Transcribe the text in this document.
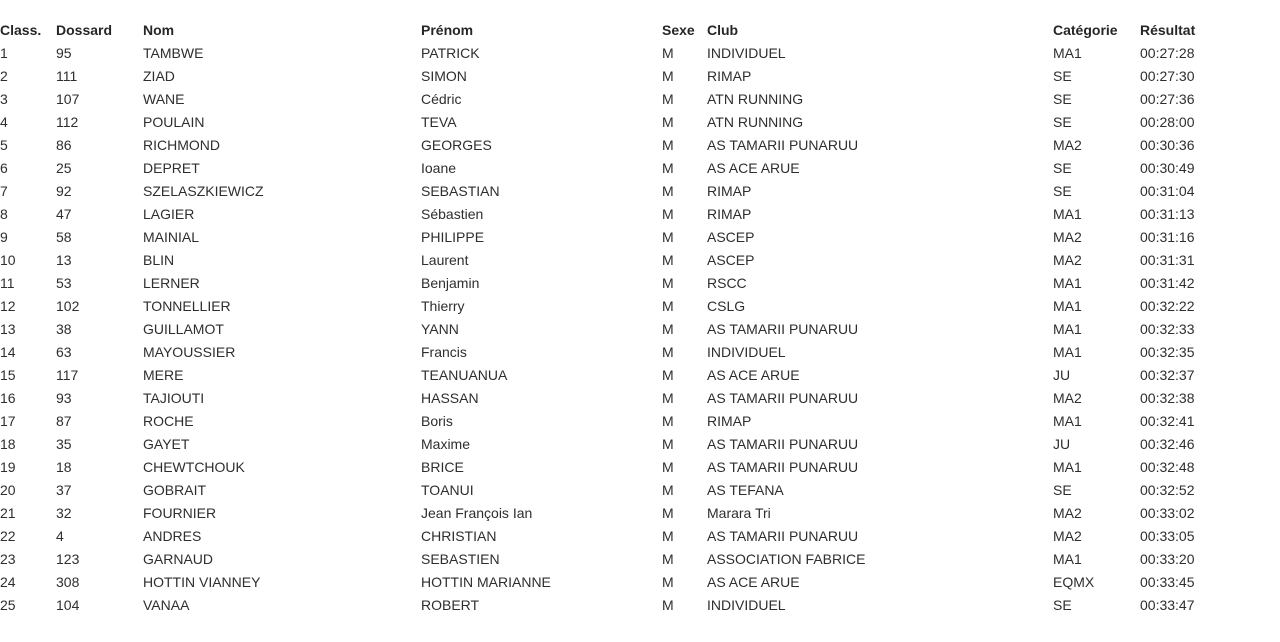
Class.	Dossard	Nom	Prénom	Sexe	Club	Catégorie	Résultat
1	95	TAMBWE	PATRICK	M	INDIVIDUEL	MA1	00:27:28
2	111	ZIAD	SIMON	M	RIMAP	SE	00:27:30
3	107	WANE	Cédric	M	ATN RUNNING	SE	00:27:36
4	112	POULAIN	TEVA	M	ATN RUNNING	SE	00:28:00
5	86	RICHMOND	GEORGES	M	AS TAMARII PUNARUU	MA2	00:30:36
6	25	DEPRET	Ioane	M	AS ACE ARUE	SE	00:30:49
7	92	SZELASZKIEWICZ	SEBASTIAN	M	RIMAP	SE	00:31:04
8	47	LAGIER	Sébastien	M	RIMAP	MA1	00:31:13
9	58	MAINIAL	PHILIPPE	M	ASCEP	MA2	00:31:16
10	13	BLIN	Laurent	M	ASCEP	MA2	00:31:31
11	53	LERNER	Benjamin	M	RSCC	MA1	00:31:42
12	102	TONNELLIER	Thierry	M	CSLG	MA1	00:32:22
13	38	GUILLAMOT	YANN	M	AS TAMARII PUNARUU	MA1	00:32:33
14	63	MAYOUSSIER	Francis	M	INDIVIDUEL	MA1	00:32:35
15	117	MERE	TEANUANUA	M	AS ACE ARUE	JU	00:32:37
16	93	TAJIOUTI	HASSAN	M	AS TAMARII PUNARUU	MA2	00:32:38
17	87	ROCHE	Boris	M	RIMAP	MA1	00:32:41
18	35	GAYET	Maxime	M	AS TAMARII PUNARUU	JU	00:32:46
19	18	CHEWTCHOUK	BRICE	M	AS TAMARII PUNARUU	MA1	00:32:48
20	37	GOBRAIT	TOANUI	M	AS TEFANA	SE	00:32:52
21	32	FOURNIER	Jean François Ian	M	Marara Tri	MA2	00:33:02
22	4	ANDRES	CHRISTIAN	M	AS TAMARII PUNARUU	MA2	00:33:05
23	123	GARNAUD	SEBASTIEN	M	ASSOCIATION FABRICE	MA1	00:33:20
24	308	HOTTIN VIANNEY	HOTTIN MARIANNE	M	AS ACE ARUE	EQMX	00:33:45
25	104	VANAA	ROBERT	M	INDIVIDUEL	SE	00:33:47
